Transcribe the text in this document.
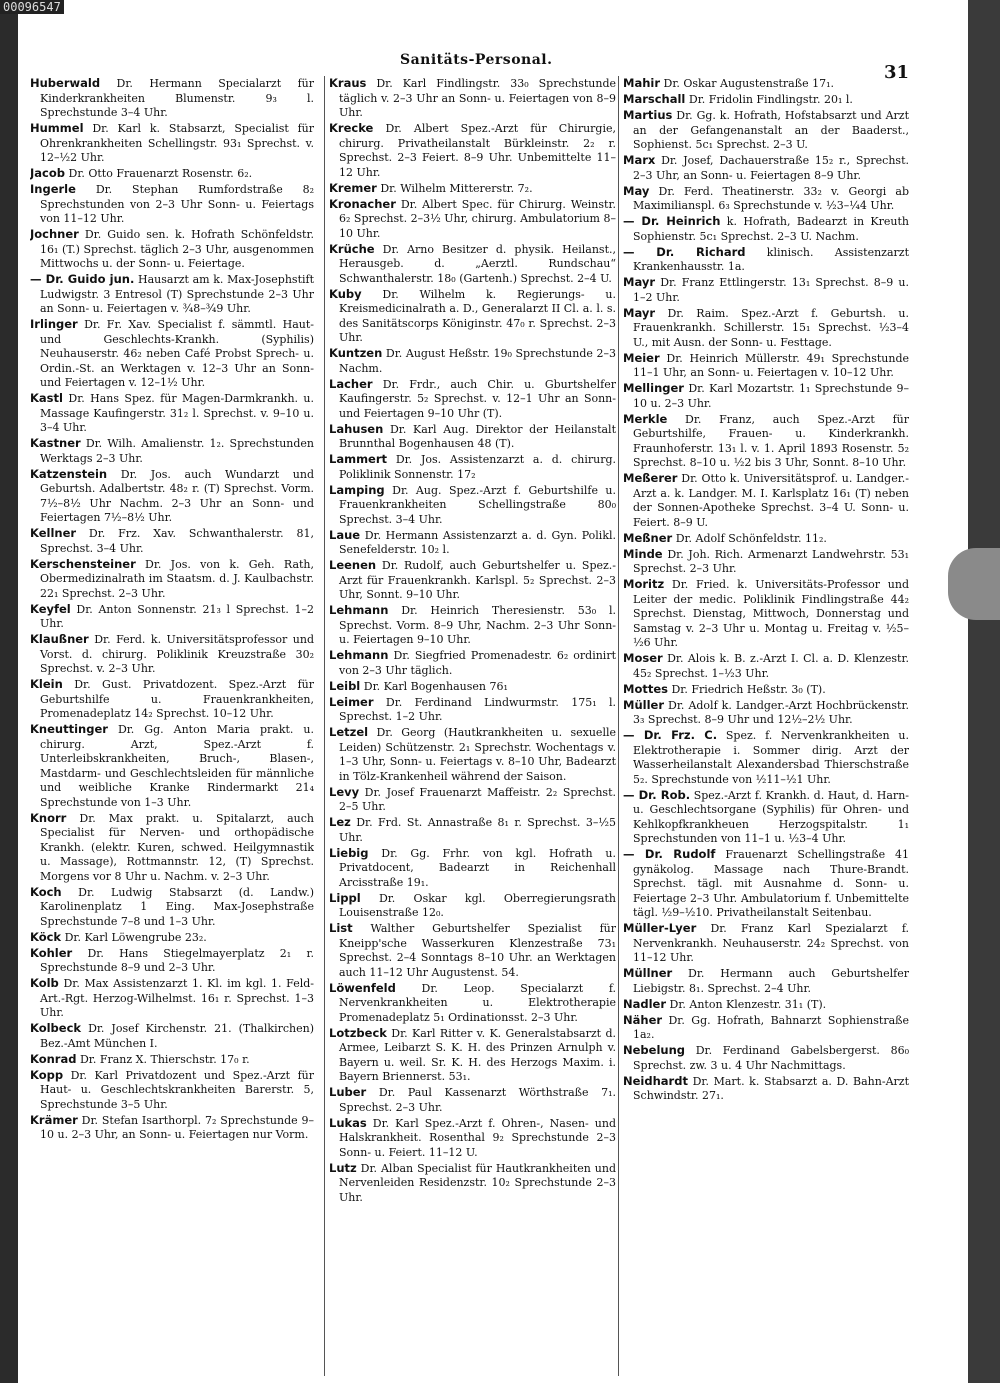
00096547
Sanitäts-Personal.
31
Huberwald Dr. Hermann Specialarzt für Kinderkrankheiten Blumenstr. 9₃ l. Sprechstunde 3–4 Uhr.
Hummel Dr. Karl k. Stabsarzt, Specialist für Ohrenkrankheiten Schellingstr. 93₁ Sprechst. v. 12–½2 Uhr.
Jacob Dr. Otto Frauenarzt Rosenstr. 6₂.
Ingerle Dr. Stephan Rumfordstraße 8₂ Sprechstunden von 2–3 Uhr Sonn- u. Feiertags von 11–12 Uhr.
Jochner Dr. Guido sen. k. Hofrath Schönfeldstr. 16₁ (T.) Sprechst. täglich 2–3 Uhr, ausgenommen Mittwochs u. der Sonn- u. Feiertage.
— Dr. Guido jun. Hausarzt am k. Max-Josephstift Ludwigstr. 3 Entresol (T) Sprechstunde 2–3 Uhr an Sonn- u. Feiertagen v. ¾8–¾9 Uhr.
Irlinger Dr. Fr. Xav. Specialist f. sämmtl. Haut- und Geschlechts-Krankh. (Syphilis) Neuhauserstr. 46₂ neben Café Probst Sprech- u. Ordin.-St. an Werktagen v. 12–3 Uhr an Sonn- und Feiertagen v. 12–1½ Uhr.
Kastl Dr. Hans Spez. für Magen-Darmkrankh. u. Massage Kaufingerstr. 31₂ l. Sprechst. v. 9–10 u. 3–4 Uhr.
Kastner Dr. Wilh. Amalienstr. 1₂. Sprechstunden Werktags 2–3 Uhr.
Katzenstein Dr. Jos. auch Wundarzt und Geburtsh. Adalbertstr. 48₂ r. (T) Sprechst. Vorm. 7½–8½ Uhr Nachm. 2–3 Uhr an Sonn- und Feiertagen 7½–8½ Uhr.
Kellner Dr. Frz. Xav. Schwanthalerstr. 81, Sprechst. 3–4 Uhr.
Kerschensteiner Dr. Jos. von k. Geh. Rath, Obermedizinalrath im Staatsm. d. J. Kaulbachstr. 22₁ Sprechst. 2–3 Uhr.
Keyfel Dr. Anton Sonnenstr. 21₃ l Sprechst. 1–2 Uhr.
Klaußner Dr. Ferd. k. Universitätsprofessor und Vorst. d. chirurg. Poliklinik Kreuzstraße 30₂ Sprechst. v. 2–3 Uhr.
Klein Dr. Gust. Privatdozent. Spez.-Arzt für Geburtshilfe u. Frauenkrankheiten, Promenadeplatz 14₂ Sprechst. 10–12 Uhr.
Kneuttinger Dr. Gg. Anton Maria prakt. u. chirurg. Arzt, Spez.-Arzt f. Unterleibskrankheiten, Bruch-, Blasen-, Mastdarm- und Geschlechtsleiden für männliche und weibliche Kranke Rindermarkt 21₄ Sprechstunde von 1–3 Uhr.
Knorr Dr. Max prakt. u. Spitalarzt, auch Specialist für Nerven- und orthopädische Krankh. (elektr. Kuren, schwed. Heilgymnastik u. Massage), Rottmannstr. 12, (T) Sprechst. Morgens vor 8 Uhr u. Nachm. v. 2–3 Uhr.
Koch Dr. Ludwig Stabsarzt (d. Landw.) Karolinenplatz 1 Eing. Max-Josephstraße Sprechstunde 7–8 und 1–3 Uhr.
Köck Dr. Karl Löwengrube 23₂.
Kohler Dr. Hans Stiegelmayerplatz 2₁ r. Sprechstunde 8–9 und 2–3 Uhr.
Kolb Dr. Max Assistenzarzt 1. Kl. im kgl. 1. Feld-Art.-Rgt. Herzog-Wilhelmst. 16₁ r. Sprechst. 1–3 Uhr.
Kolbeck Dr. Josef Kirchenstr. 21. (Thalkirchen) Bez.-Amt München I.
Konrad Dr. Franz X. Thierschstr. 17₀ r.
Kopp Dr. Karl Privatdozent und Spez.-Arzt für Haut- u. Geschlechtskrankheiten Barerstr. 5, Sprechstunde 3–5 Uhr.
Krämer Dr. Stefan Isarthorpl. 7₂ Sprechstunde 9–10 u. 2–3 Uhr, an Sonn- u. Feiertagen nur Vorm.
Kraus Dr. Karl Findlingstr. 33₀ Sprechstunde täglich v. 2–3 Uhr an Sonn- u. Feiertagen von 8–9 Uhr.
Krecke Dr. Albert Spez.-Arzt für Chirurgie, chirurg. Privatheilanstalt Bürkleinstr. 2₂ r. Sprechst. 2–3 Feiert. 8–9 Uhr. Unbemittelte 11–12 Uhr.
Kremer Dr. Wilhelm Mittererstr. 7₂.
Kronacher Dr. Albert Spec. für Chirurg. Weinstr. 6₂ Sprechst. 2–3½ Uhr, chirurg. Ambulatorium 8–10 Uhr.
Krüche Dr. Arno Besitzer d. physik. Heilanst., Herausgeb. d. „Aerztl. Rundschau“ Schwanthalerstr. 18₀ (Gartenh.) Sprechst. 2–4 U.
Kuby Dr. Wilhelm k. Regierungs- u. Kreismedicinalrath a. D., Generalarzt II Cl. a. l. s. des Sanitätscorps Königinstr. 47₀ r. Sprechst. 2–3 Uhr.
Kuntzen Dr. August Heßstr. 19₀ Sprechstunde 2–3 Nachm.
Lacher Dr. Frdr., auch Chir. u. Gburtshelfer Kaufingerstr. 5₂ Sprechst. v. 12–1 Uhr an Sonn- und Feiertagen 9–10 Uhr (T).
Lahusen Dr. Karl Aug. Direktor der Heilanstalt Brunnthal Bogenhausen 48 (T).
Lammert Dr. Jos. Assistenzarzt a. d. chirurg. Poliklinik Sonnenstr. 17₂
Lamping Dr. Aug. Spez.-Arzt f. Geburtshilfe u. Frauenkrankheiten Schellingstraße 80₀ Sprechst. 3–4 Uhr.
Laue Dr. Hermann Assistenzarzt a. d. Gyn. Polikl. Senefelderstr. 10₂ l.
Leenen Dr. Rudolf, auch Geburtshelfer u. Spez.-Arzt für Frauenkrankh. Karlspl. 5₂ Sprechst. 2–3 Uhr, Sonnt. 9–10 Uhr.
Lehmann Dr. Heinrich Theresienstr. 53₀ l. Sprechst. Vorm. 8–9 Uhr, Nachm. 2–3 Uhr Sonn- u. Feiertagen 9–10 Uhr.
Lehmann Dr. Siegfried Promenadestr. 6₂ ordinirt von 2–3 Uhr täglich.
Leibl Dr. Karl Bogenhausen 76₁
Leimer Dr. Ferdinand Lindwurmstr. 175₁ l. Sprechst. 1–2 Uhr.
Letzel Dr. Georg (Hautkrankheiten u. sexuelle Leiden) Schützenstr. 2₁ Sprechstr. Wochentags v. 1–3 Uhr, Sonn- u. Feiertags v. 8–10 Uhr, Badearzt in Tölz-Krankenheil während der Saison.
Levy Dr. Josef Frauenarzt Maffeistr. 2₂ Sprechst. 2–5 Uhr.
Lez Dr. Frd. St. Annastraße 8₁ r. Sprechst. 3–½5 Uhr.
Liebig Dr. Gg. Frhr. von kgl. Hofrath u. Privatdocent, Badearzt in Reichenhall Arcisstraße 19₁.
Lippl Dr. Oskar kgl. Oberregierungsrath Louisenstraße 12₀.
List Walther Geburtshelfer Spezialist für Kneipp'sche Wasserkuren Klenzestraße 73₁ Sprechst. 2–4 Sonntags 8–10 Uhr. an Werktagen auch 11–12 Uhr Augustenst. 54.
Löwenfeld Dr. Leop. Specialarzt f. Nervenkrankheiten u. Elektrotherapie Promenadeplatz 5₁ Ordinationsst. 2–3 Uhr.
Lotzbeck Dr. Karl Ritter v. K. Generalstabsarzt d. Armee, Leibarzt S. K. H. des Prinzen Arnulph v. Bayern u. weil. Sr. K. H. des Herzogs Maxim. i. Bayern Briennerst. 53₁.
Luber Dr. Paul Kassenarzt Wörthstraße 7₁. Sprechst. 2–3 Uhr.
Lukas Dr. Karl Spez.-Arzt f. Ohren-, Nasen- und Halskrankheit. Rosenthal 9₂ Sprechstunde 2–3 Sonn- u. Feiert. 11–12 U.
Lutz Dr. Alban Specialist für Hautkrankheiten und Nervenleiden Residenzstr. 10₂ Sprechstunde 2–3 Uhr.
Mahir Dr. Oskar Augustenstraße 17₁.
Marschall Dr. Fridolin Findlingstr. 20₁ l.
Martius Dr. Gg. k. Hofrath, Hofstabsarzt und Arzt an der Gefangenanstalt an der Baaderst., Sophienst. 5c₁ Sprechst. 2–3 U.
Marx Dr. Josef, Dachauerstraße 15₂ r., Sprechst. 2–3 Uhr, an Sonn- u. Feiertagen 8–9 Uhr.
May Dr. Ferd. Theatinerstr. 33₂ v. Georgi ab Maximilianspl. 6₃ Sprechstunde v. ½3–¼4 Uhr.
— Dr. Heinrich k. Hofrath, Badearzt in Kreuth Sophienstr. 5c₁ Sprechst. 2–3 U. Nachm.
— Dr. Richard klinisch. Assistenzarzt Krankenhausstr. 1a.
Mayr Dr. Franz Ettlingerstr. 13₁ Sprechst. 8–9 u. 1–2 Uhr.
Mayr Dr. Raim. Spez.-Arzt f. Geburtsh. u. Frauenkrankh. Schillerstr. 15₁ Sprechst. ½3–4 U., mit Ausn. der Sonn- u. Festtage.
Meier Dr. Heinrich Müllerstr. 49₁ Sprechstunde 11–1 Uhr, an Sonn- u. Feiertagen v. 10–12 Uhr.
Mellinger Dr. Karl Mozartstr. 1₁ Sprechstunde 9–10 u. 2–3 Uhr.
Merkle Dr. Franz, auch Spez.-Arzt für Geburtshilfe, Frauen- u. Kinderkrankh. Fraunhoferstr. 13₁ l. v. 1. April 1893 Rosenstr. 5₂ Sprechst. 8–10 u. ½2 bis 3 Uhr, Sonnt. 8–10 Uhr.
Meßerer Dr. Otto k. Universitätsprof. u. Landger.-Arzt a. k. Landger. M. I. Karlsplatz 16₁ (T) neben der Sonnen-Apotheke Sprechst. 3–4 U. Sonn- u. Feiert. 8–9 U.
Meßner Dr. Adolf Schönfeldstr. 11₂.
Minde Dr. Joh. Rich. Armenarzt Landwehrstr. 53₁ Sprechst. 2–3 Uhr.
Moritz Dr. Fried. k. Universitäts-Professor und Leiter der medic. Poliklinik Findlingstraße 44₂ Sprechst. Dienstag, Mittwoch, Donnerstag und Samstag v. 2–3 Uhr u. Montag u. Freitag v. ½5–½6 Uhr.
Moser Dr. Alois k. B. z.-Arzt I. Cl. a. D. Klenzestr. 45₂ Sprechst. 1–½3 Uhr.
Mottes Dr. Friedrich Heßstr. 3₀ (T).
Müller Dr. Adolf k. Landger.-Arzt Hochbrückenstr. 3₃ Sprechst. 8–9 Uhr und 12½–2½ Uhr.
— Dr. Frz. C. Spez. f. Nervenkrankheiten u. Elektrotherapie i. Sommer dirig. Arzt der Wasserheilanstalt Alexandersbad Thierschstraße 5₂. Sprechstunde von ½11–½1 Uhr.
— Dr. Rob. Spez.-Arzt f. Krankh. d. Haut, d. Harn- u. Geschlechtsorgane (Syphilis) für Ohren- und Kehlkopfkrankheuen Herzogspitalstr. 1₁ Sprechstunden von 11–1 u. ½3–4 Uhr.
— Dr. Rudolf Frauenarzt Schellingstraße 41 gynäkolog. Massage nach Thure-Brandt. Sprechst. tägl. mit Ausnahme d. Sonn- u. Feiertage 2–3 Uhr. Ambulatorium f. Unbemittelte tägl. ½9–½10. Privatheilanstalt Seitenbau.
Müller-Lyer Dr. Franz Karl Spezialarzt f. Nervenkrankh. Neuhauserstr. 24₂ Sprechst. von 11–12 Uhr.
Müllner Dr. Hermann auch Geburtshelfer Liebigstr. 8₁. Sprechst. 2–4 Uhr.
Nadler Dr. Anton Klenzestr. 31₁ (T).
Näher Dr. Gg. Hofrath, Bahnarzt Sophienstraße 1a₂.
Nebelung Dr. Ferdinand Gabelsbergerst. 86₀ Sprechst. zw. 3 u. 4 Uhr Nachmittags.
Neidhardt Dr. Mart. k. Stabsarzt a. D. Bahn-Arzt Schwindstr. 27₁.
